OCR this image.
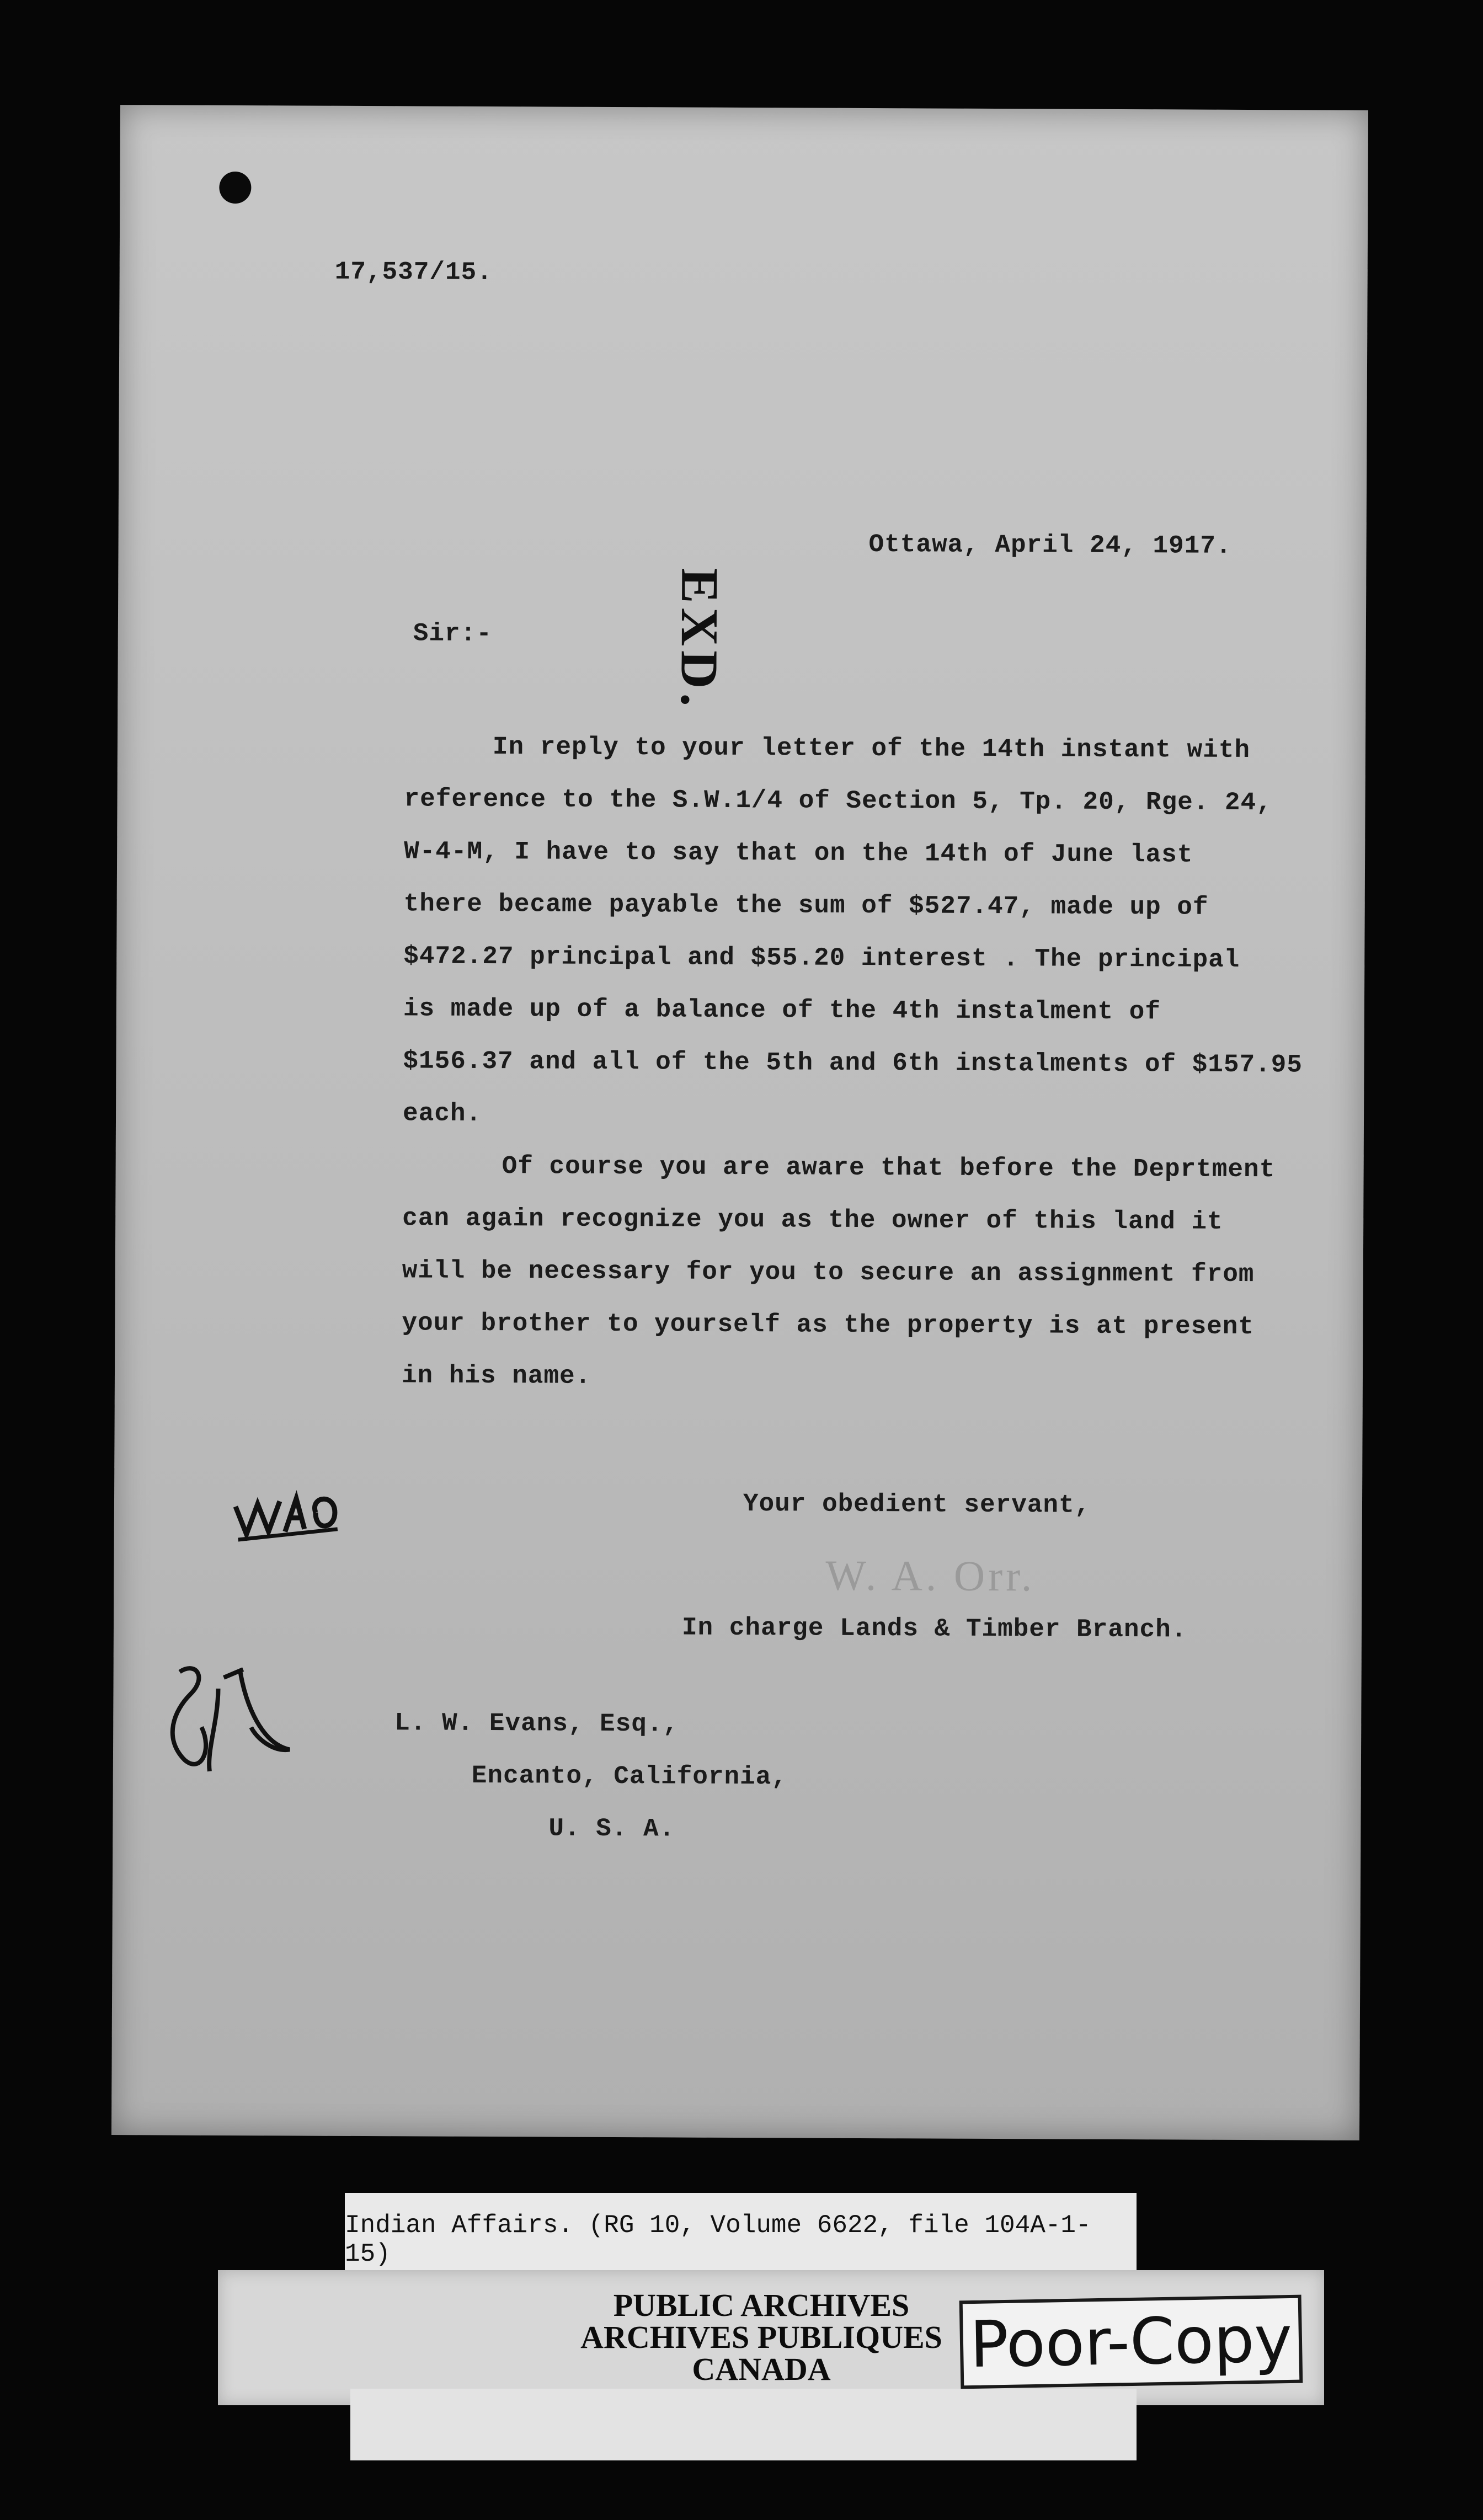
17,537/15.
EXD.
Ottawa, April 24, 1917.
Sir:-
In reply to your letter of the 14th instant with
reference to the S.W.1/4 of Section 5, Tp. 20, Rge. 24,
W-4-M, I have to say that on the 14th of June last
there became payable the sum of $527.47, made up of
$472.27 principal and $55.20 interest . The principal
is made up of a balance of the 4th instalment of
$156.37 and all of the 5th and 6th instalments of $157.95
each.
Of course you are aware that before the Deprtment
can again recognize you as the owner of this land it
will be necessary for you to secure an assignment from
your brother to yourself as the property is at present
in his name.
Your obedient servant,
W. A. Orr.
In charge Lands & Timber Branch.
L. W. Evans, Esq.,
Encanto, California,
U. S. A.
Indian Affairs. (RG 10, Volume 6622, file 104A-1-15)
PUBLIC ARCHIVES
ARCHIVES PUBLIQUES
CANADA	Poor-Copy
